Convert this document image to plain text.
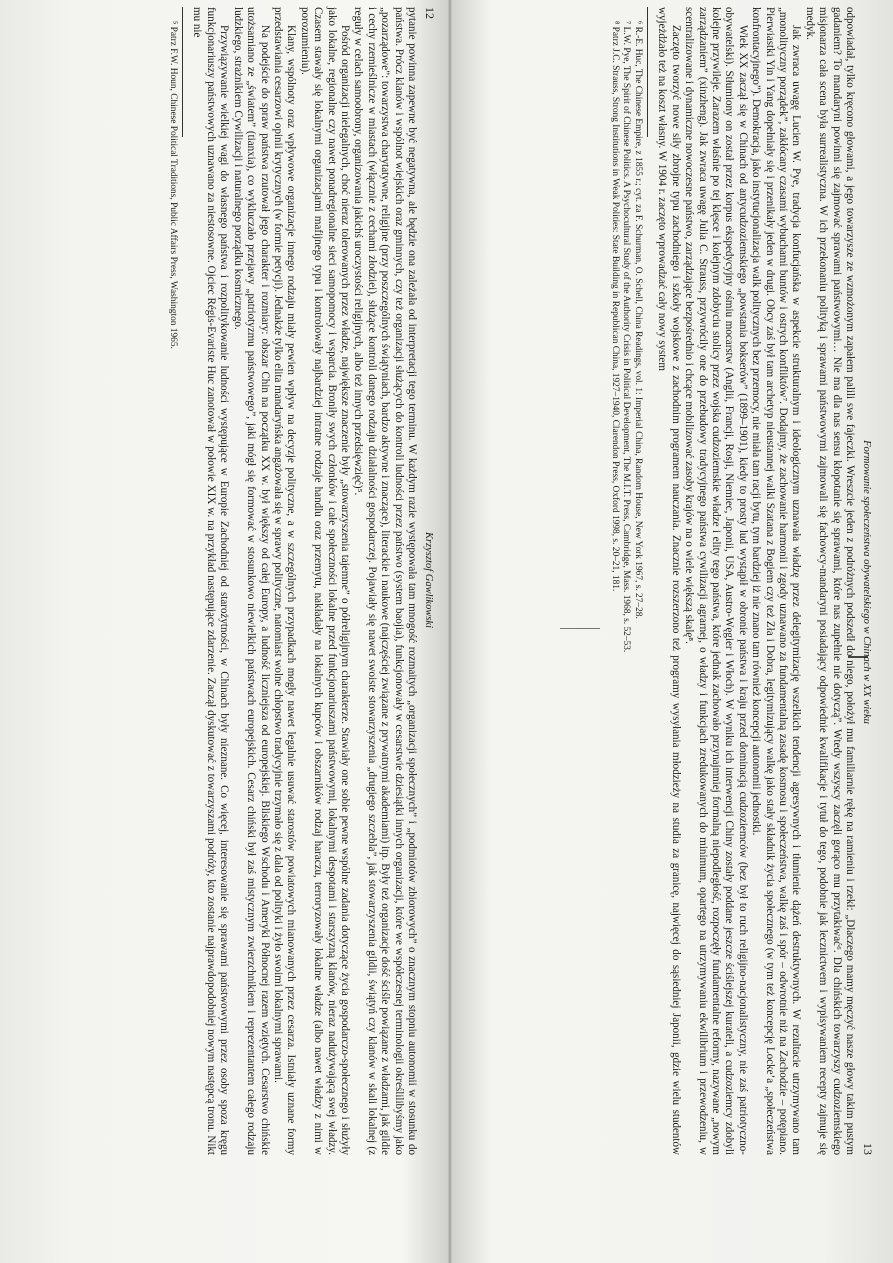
12
Krzysztof Gawlikowski

pytanie powinna zapewne być negatywna, ale będzie ona zależała od interpretacji tego terminu. W każdym razie występowała tam mnogość rozmaitych „organizacji społecznych” i „podmiotów zbiorowych” o znacznym stopniu autonomii w stosunku do państwa. Prócz klanów i wspólnot wiejskich oraz gminnych, czy też organizacji służących do kontroli ludności przez państwo (system baojia), funkcjonowały w cesarstwie dziesiątki innych organizacji, które we współczesnej terminologii określilibyśmy jako „pozarządowe”: towarzystwa charytatywne, religijne (przy poszczególnych świątyniach, bardzo aktywne i znaczące), literackie i naukowe (najczęściej związane z prywatnymi akademiami) itp. Były też organizacje dość ściśle powiązane z władzami, jak gildie i cechy rzemieślnicze w miastach (włącznie z cechami złodziei), służące kontroli danego rodzaju działalności gospodarczej. Pojawiały się nawet swoiste stowarzyszenia „drugiego szczebla”, jak stowarzyszenia gildii, świątyń czy klanów w skali lokalnej (z reguły w celach samoobrony, organizowania jakichś uroczystości religijnych, albo też innych przedsięwzięć)⁵.

Pośród organizacji nielegalnych, choć nieraz tolerowanych przez władze, największe znaczenie były „stowarzyszenia tajemne” o półreligijnym charakterze. Stawiały one sobie pewne wspólne zadania dotyczące życia gospodarczo-społecznego i służyły jako lokalne, regionalne czy nawet ponadregionalne sieci samopomocy i wsparcia. Broniły swych członków i całe społeczności lokalne przed funkcjonariuszami państwowymi, lokalnymi despotami i starszyzną klanów, nieraz nadużywającą swej władzy. Czasem stawały się lokalnymi organizacjami mafijnego typu i kontrolowały najbardziej intratne rodzaje handlu oraz przemytu, nakładały na lokalnych kupców i obszarników rodzaj haraczu, terroryzowały lokalne władze (albo nawet władzy z nimi w porozumieniu).

Klany, wspólnoty oraz wpływowe organizacje innego rodzaju miały pewien wpływ na decyzje polityczne, a w szczególnych przypadkach mogły nawet legalnie usuwać starostów powiatowych mianowanych przez cesarza. Istniały uznane formy przedstawiania cesarzowi opinii krytycznych (w formie petycji). Jednakże tylko elita mandaryńska angażowała się w sprawy polityczne, natomiast wolne chłopstwo tradycyjnie trzymało się z dala od polityki i żyło swoimi lokalnymi sprawami.

Na podejście do spraw państwa rzutował jego charakter i rozmiary: obszar Chin na początku XX w. był większy od całej Europy, a ludność liczniejsza od europejskiej. Bliskiego Wschodu i Ameryki Północnej razem wziętych. Cesarstwo chińskie utożsamiano ze „światem” (tianxia), co wykluczało przejawy „patriotyzmu państwowego”, jaki mógł się formować w stosunkowo niewielkich państwach europejskich. Cesarz chiński był zaś mistycznym zwierzchnikiem i reprezentantem całego rodzaju ludzkiego, strażnikiem Cywilizacji i naturalnego porządku kosmicznego.

Przywiązywanie wielkiej wagi do własnego państwa i rozpolitykowanie ludności występujące w Europie Zachodniej od starożytności, w Chinach były nieznane. Co więcej, interesowanie się sprawami państwowymi przez osoby spoza kręgu funkcjonariuszy państwowych uznawano za niestosowne. Ojciec Régis-Evariste Huc zanotował w połowie XIX w. na przykład następujące zdarzenie. Zaczął dyskutować z towarzyszami podróży, kto zostanie najprawdopodobniej nowym następcą tronu. Nikt mu nie

⁵ Patrz F.W. Houn, Chinese Political Traditions, Public Affairs Press, Washington 1965.

Formowanie społeczeństwa obywatelskiego w Chinach w XX wieku
13

odpowiadał, tylko kręcono głowami, a jego towarzysze ze wzmożonym zapałem palili swe fajeczki. Wreszcie jeden z podróżnych podszedł do niego, położył mu familiarnie rękę na ramieniu i rzekł: „Dlaczego mamy męczyć nasze głowy takim pustym gadaniem? To mandaryni powinni się zajmować sprawami państwowymi… Nie ma dla nas sensu kłopotanie się sprawami, które nas zupełnie nie dotyczą”. Wtedy wszyscy zaczęli gorąco mu przytakiwać⁶. Dla chińskich towarzyszy cudzoziemskiego misjonarza cała scena była surrealistyczna. W ich przekonaniu polityką i sprawami państwowymi zajmowali się fachowcy-mandaryni posiadający odpowiednie kwalifikacje i tytuł do tego, podobnie jak lecznictwem i wypisywaniem recepty zajmuje się medyk.

Jak zwraca uwagę Lucien W. Pye, tradycja konfucjańska w aspekcie strukturalnym i ideologicznym uznawała władzę przez delegitymizację wszelkich tendencji agresywnych i tłumienie dążeń destruktywnych. W rezultacie utrzymywano tam „monolityczny porządek”, zakłócany czasami wybuchami buntów i ostrych konfliktów⁷. Dodajmy, że zachowanie harmonii i zgody uznawano za fundamentalną zasadę kosmosu i społeczeństwa, walkę zaś i spór – odwrotnie niż na Zachodzie – potępiano. Pierwiastki Yin i Yang dopełniały się i przenikały jeden w drugi. Obcy zaś był tam archetyp nieustannej walki Szatana z Bogiem czy też Zła i Dobra, legitymizujący walkę jako stały składnik życia społecznego (w tym też koncepcję Locke’a „społeczeństwa konfrontacyjnego”). Demokracja, jako instytucjonalizacja walk politycznych bez przemocy, nie miała tam racji bytu, tym bardziej iż nie znano tam również koncepcji autonomii jednostki.

Wiek XX zaczął się w Chinach od antycudzoziemskiego „powstania bokserów” (1899–1901), kiedy to prosty lud wystąpił w obronie państwa i kraju przed dominacją cudzoziemców (bez był to ruch religijno-nacjonalistyczny, nie zaś patriotyczno-obywatelski). Stłumiony on został przez korpus ekspedycyjny ośmiu mocarstw (Anglii, Francji, Rosji, Niemiec, Japonii, USA, Austro-Węgier i Włoch). W wyniku ich interwencji Chiny zostały poddane jeszcze ściślejszej kurateli, a cudzoziemcy zdobyli kolejne przywileje. Zarazem właśnie po tej klęsce i kolejnym zdobyciu stolicy przez wojska cudzoziemskie władze i elity tego państwa, które jednak zachowało przynajmniej formalną niepodległość, rozpoczęły fundamentalne reformy, nazywane „nowym zarządzaniem” (xinzheng). Jak zwraca uwagę Julia C. Strauss, przywrócily one do przebudowy tradycyjnego państwa cywilizacji agrarnej, o władzy i funkcjach zredukowanych do minimum, opartego na utrzymywaniu ekwilibrium i przewodzeniu, w scentralizowane i dynamiczne nowoczesne państwo, zarządzające bezpośrednio i chcące mobilizować zasoby krajów na o wiele większą skalę⁸.

Zaczęto tworzyć nowe siły zbrojne typu zachodniego i szkoły wojskowe z zachodnim programem nauczania. Znacznie rozszerzono też programy wysyłania młodzieży na studia za granicę, najwięcej do sąsiedniej Japonii, gdzie wielu studentów wyjeżdżało też na koszt własny. W 1904 r. zaczęto wprowadzać cały nowy system

⁶ R.-E. Huc, The Chinese Empire, z 1855 r.; cyt. za F. Schurman, O. Schell, China Readings, vol. 1: Imperial China, Random House, New York 1967, s. 27–28.

⁷ L.W. Pye, The Spirit of Chinese Politics. A Psychocultural Study of the Authority Crisis in Political Development, The M.I.T. Press, Cambridge, Mass. 1968, s. 52–53.

⁸ Patrz J.C. Strauss, Strong Institutions in Weak Polities: State Building in Republican China, 1927–1940, Clarendon Press, Oxford 1998, s. 20–21, 181.
